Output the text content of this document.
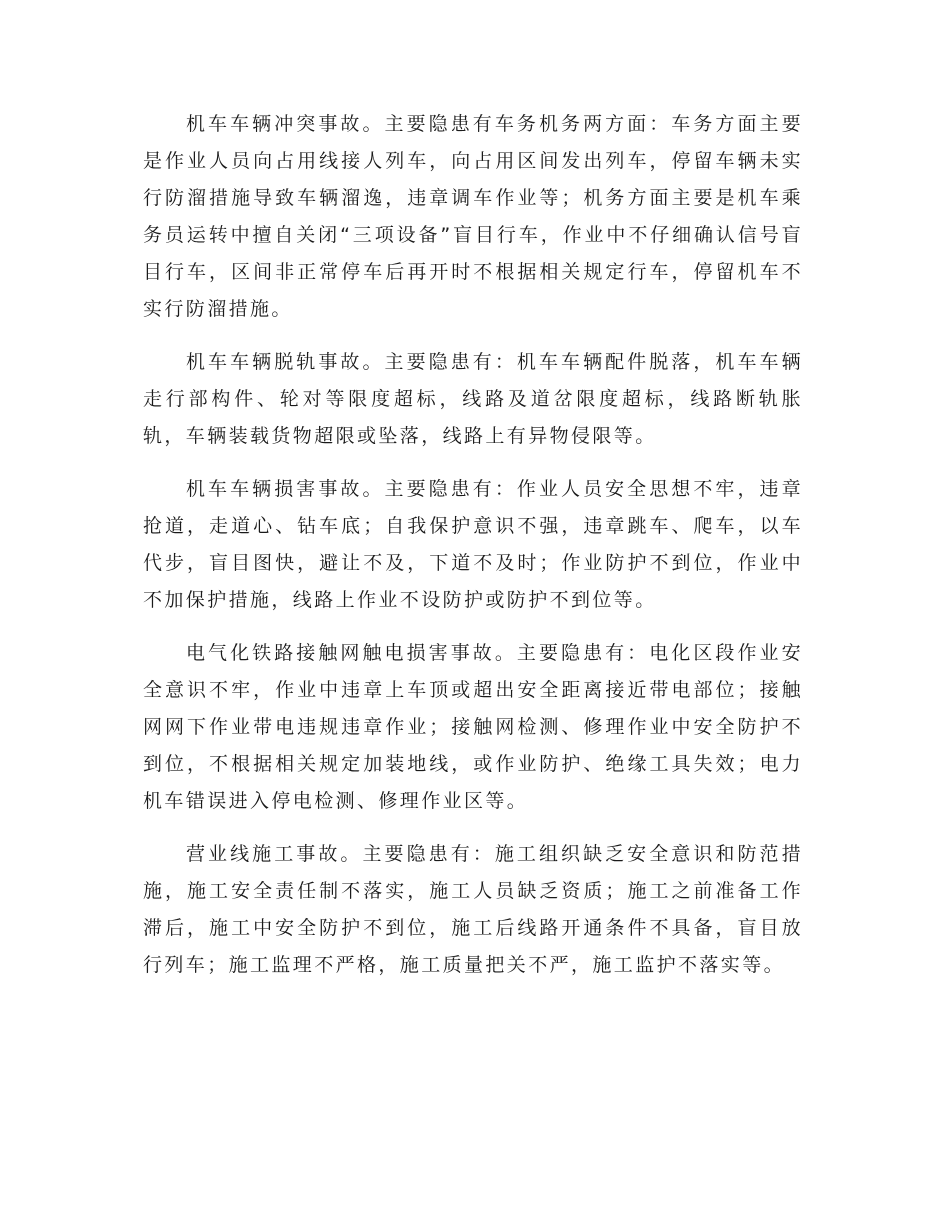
机车车辆冲突事故。主要隐患有车务机务两方面：车务方面主要是作业人员向占用线接人列车，向占用区间发出列车，停留车辆未实行防溜措施导致车辆溜逸，违章调车作业等；机务方面主要是机车乘务员运转中擅自关闭“三项设备”盲目行车，作业中不仔细确认信号盲目行车，区间非正常停车后再开时不根据相关规定行车，停留机车不实行防溜措施。

机车车辆脱轨事故。主要隐患有：机车车辆配件脱落，机车车辆走行部构件、轮对等限度超标，线路及道岔限度超标，线路断轨胀轨，车辆装载货物超限或坠落，线路上有异物侵限等。

机车车辆损害事故。主要隐患有：作业人员安全思想不牢，违章抢道，走道心、钻车底；自我保护意识不强，违章跳车、爬车，以车代步，盲目图快，避让不及，下道不及时；作业防护不到位，作业中不加保护措施，线路上作业不设防护或防护不到位等。

电气化铁路接触网触电损害事故。主要隐患有：电化区段作业安全意识不牢，作业中违章上车顶或超出安全距离接近带电部位；接触网网下作业带电违规违章作业；接触网检测、修理作业中安全防护不到位，不根据相关规定加装地线，或作业防护、绝缘工具失效；电力机车错误进入停电检测、修理作业区等。

营业线施工事故。主要隐患有：施工组织缺乏安全意识和防范措施，施工安全责任制不落实，施工人员缺乏资质；施工之前准备工作滞后，施工中安全防护不到位，施工后线路开通条件不具备，盲目放行列车；施工监理不严格，施工质量把关不严，施工监护不落实等。
